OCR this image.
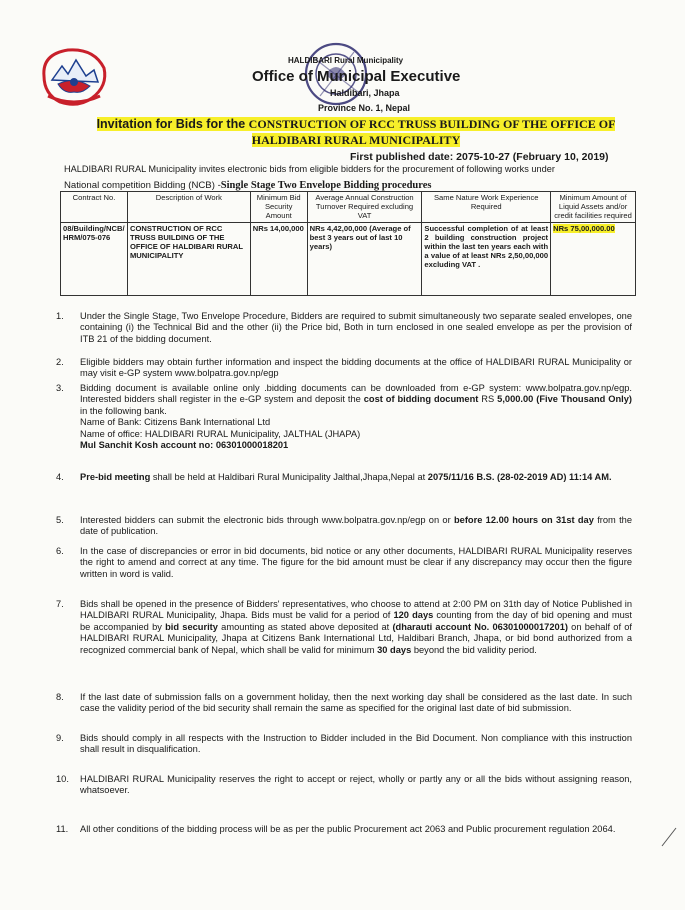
HALDIBARI Rural Municipality
Office of Municipal Executive
Haldibari, Jhapa
Province No. 1, Nepal
Invitation for Bids for the CONSTRUCTION OF RCC TRUSS BUILDING OF THE OFFICE OF HALDIBARI RURAL MUNICIPALITY
First published date: 2075-10-27 (February 10, 2019)
HALDIBARI RURAL Municipality invites electronic bids from eligible bidders for the procurement of following works under
National competition Bidding (NCB) -Single Stage Two Envelope Bidding procedures
Contract No.	Description of Work	Minimum Bid Security Amount	Average Annual Construction Turnover Required excluding VAT	Same Nature Work Experience Required	Minimum Amount of Liquid Assets and/or credit facilities required
08/Building/NCB/ HRM/075-076	CONSTRUCTION OF RCC TRUSS BUILDING OF THE OFFICE OF HALDIBARI RURAL MUNICIPALITY	NRs 14,00,000	NRs 4,42,00,000 (Average of best 3 years out of last 10 years)	Successful completion of at least 2 building construction project within the last ten years each with a value of at least NRs 2,50,00,000 excluding VAT .	NRs 75,00,000.00
1.	Under the Single Stage, Two Envelope Procedure, Bidders are required to submit simultaneously two separate sealed envelopes, one containing (i) the Technical Bid and the other (ii) the Price bid, Both in turn enclosed in one sealed envelope as per the provision of ITB 21 of the bidding document.
2.	Eligible bidders may obtain further information and inspect the bidding documents at the office of HALDIBARI RURAL Municipality or may visit e-GP system www.bolpatra.gov.np/egp
3.	Bidding document is available online only .bidding documents can be downloaded from e-GP system: www.bolpatra.gov.np/egp. Interested bidders shall register in the e-GP system and deposit the cost of bidding document RS 5,000.00 (Five Thousand Only) in the following bank.
Name of Bank: Citizens Bank International Ltd
Name of office: HALDIBARI RURAL Municipality, JALTHAL (JHAPA)
Mul Sanchit Kosh account no: 06301000018201
4.	Pre-bid meeting shall be held at Haldibari Rural Municipality Jalthal,Jhapa,Nepal at 2075/11/16 B.S. (28-02-2019 AD) 11:14 AM.
5.	Interested bidders can submit the electronic bids through www.bolpatra.gov.np/egp on or before 12.00 hours on 31st day from the date of publication.
6.	In the case of discrepancies or error in bid documents, bid notice or any other documents, HALDIBARI RURAL Municipality reserves the right to amend and correct at any time. The figure for the bid amount must be clear if any discrepancy may occur then the figure written in word is valid.
7.	Bids shall be opened in the presence of Bidders' representatives, who choose to attend at 2:00 PM on 31th day of Notice Published in HALDIBARI RURAL Municipality, Jhapa. Bids must be valid for a period of 120 days counting from the day of bid opening and must be accompanied by bid security amounting as stated above deposited at (dharauti account No. 06301000017201) on behalf of of HALDIBARI RURAL Municipality, Jhapa at Citizens Bank International Ltd, Haldibari Branch, Jhapa, or bid bond authorized from a recognized commercial bank of Nepal, which shall be valid for minimum 30 days beyond the bid validity period.
8.	If the last date of submission falls on a government holiday, then the next working day shall be considered as the last date. In such case the validity period of the bid security shall remain the same as specified for the original last date of bid submission.
9.	Bids should comply in all respects with the Instruction to Bidder included in the Bid Document. Non compliance with this instruction shall result in disqualification.
10.	HALDIBARI RURAL Municipality reserves the right to accept or reject, wholly or partly any or all the bids without assigning reason, whatsoever.
11.	All other conditions of the bidding process will be as per the public Procurement act 2063 and Public procurement regulation 2064.
